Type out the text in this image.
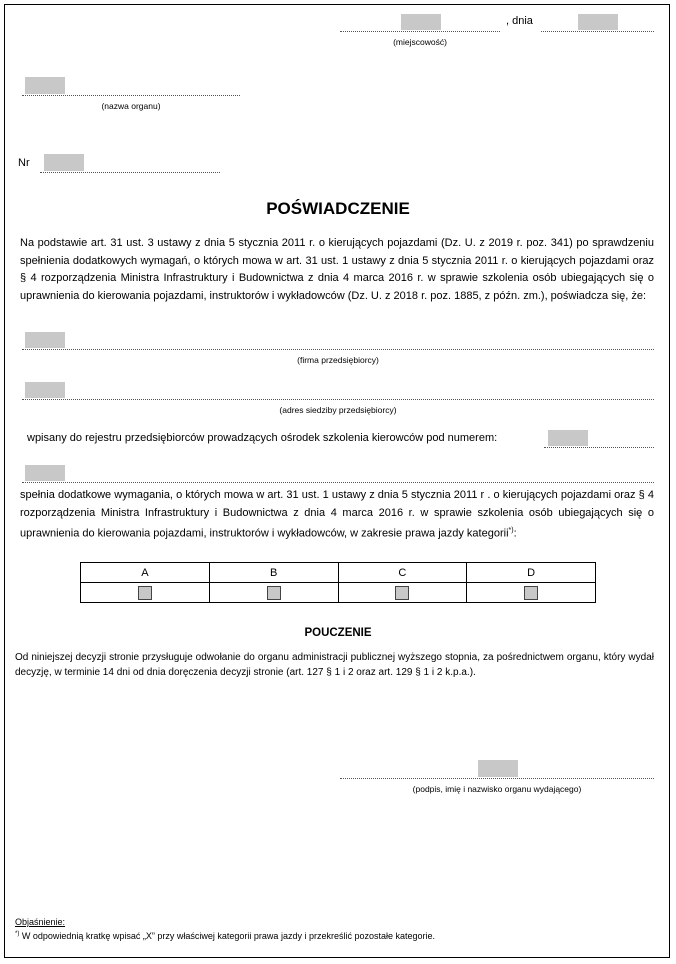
, dnia
(miejscowość)
(nazwa organu)
Nr
POŚWIADCZENIE
Na podstawie art. 31 ust. 3 ustawy z dnia 5 stycznia 2011 r. o kierujących pojazdami (Dz. U. z 2019 r. poz. 341) po sprawdzeniu spełnienia dodatkowych wymagań, o których mowa w art. 31 ust. 1 ustawy z dnia 5 stycznia 2011 r. o kierujących pojazdami oraz § 4 rozporządzenia Ministra Infrastruktury i Budownictwa z dnia 4 marca 2016 r. w sprawie szkolenia osób ubiegających się o uprawnienia do kierowania pojazdami, instruktorów i wykładowców (Dz. U. z 2018 r. poz. 1885, z późn. zm.), poświadcza się, że:
(firma przedsiębiorcy)
(adres siedziby przedsiębiorcy)
wpisany do rejestru przedsiębiorców prowadzących ośrodek szkolenia kierowców pod numerem:
spełnia dodatkowe wymagania, o których mowa w art. 31 ust. 1 ustawy z dnia 5 stycznia 2011 r . o kierujących pojazdami oraz § 4 rozporządzenia Ministra Infrastruktury i Budownictwa z dnia 4 marca 2016 r. w sprawie szkolenia osób ubiegających się o uprawnienia do kierowania pojazdami, instruktorów i wykładowców, w zakresie prawa jazdy kategorii*):
A	B	C	D

POUCZENIE
Od niniejszej decyzji stronie przysługuje odwołanie do organu administracji publicznej wyższego stopnia, za pośrednictwem organu, który wydał decyzję, w terminie 14 dni od dnia doręczenia decyzji stronie (art. 127 § 1 i 2 oraz art. 129 § 1 i 2 k.p.a.).
(podpis, imię i nazwisko organu wydającego)
Objaśnienie:
*) W odpowiednią kratkę wpisać „X” przy właściwej kategorii prawa jazdy i przekreślić pozostałe kategorie.
